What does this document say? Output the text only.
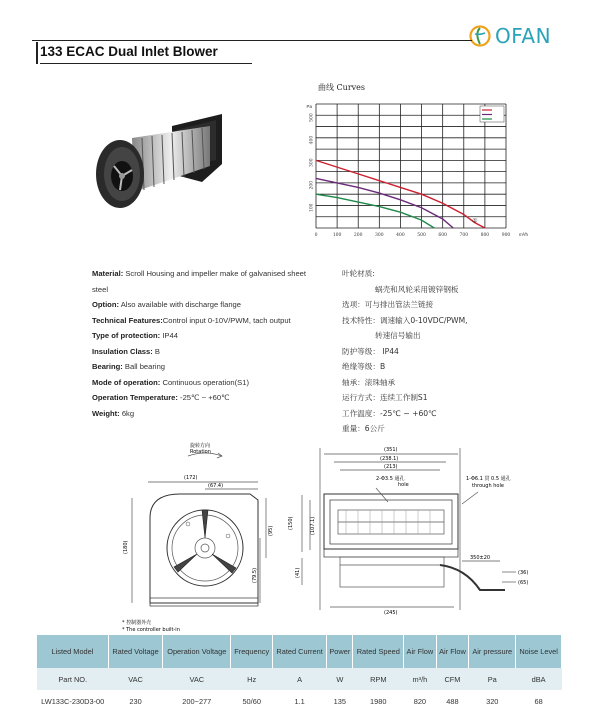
OFAN
133 ECAC Dual Inlet Blower
曲线 Curves
0	100	200	300	400	500	600	700	800	900
100
200
300
400
500
Pa
m³/h
①
Material: Scroll Housing and impeller make of galvanised sheet steel
Option: Also available with discharge flange
Technical Features:Control input 0-10V/PWM, tach output
Type of protection: IP44
Insulation Class: B
Bearing: Ball bearing
Mode of operation: Continuous operation(S1)
Operation Temperature: -25℃ ~ +60℃
Weight: 6kg
叶轮材质:
蜗壳和风轮采用镀锌钢板
选项：可与排出管法兰链接
技术特性：调速输入0-10VDC/PWM,
转速信号输出
防护等级： IP44
绝缘等级：B
轴承：滚珠轴承
运行方式：连续工作制S1
工作温度：-25℃ ~ +60℃
重量：6公斤
旋转方向
Rotation
(172)
(67.4)
(180)
(95)
(79.5)
* 控制器外壳
* The controller built-in
(351)
(238.1)
(213)
2-Φ3.5 通孔
hole
1-Φ6.1 贯 0.5 通孔
through hole
(150)	(107.1)
(41)
(245)
350±20
(36)
(65)
Listed Model	Rated Voltage	Operation Voltage	Frequency	Rated Current	Power	Rated Speed	Air Flow	Air Flow	Air pressure	Noise Level
Part NO.	VAC	VAC	Hz	A	W	RPM	m³/h	CFM	Pa	dBA
LW133C-230D3-00	230	200~277	50/60	1.1	135	1980	820	488	320	68
